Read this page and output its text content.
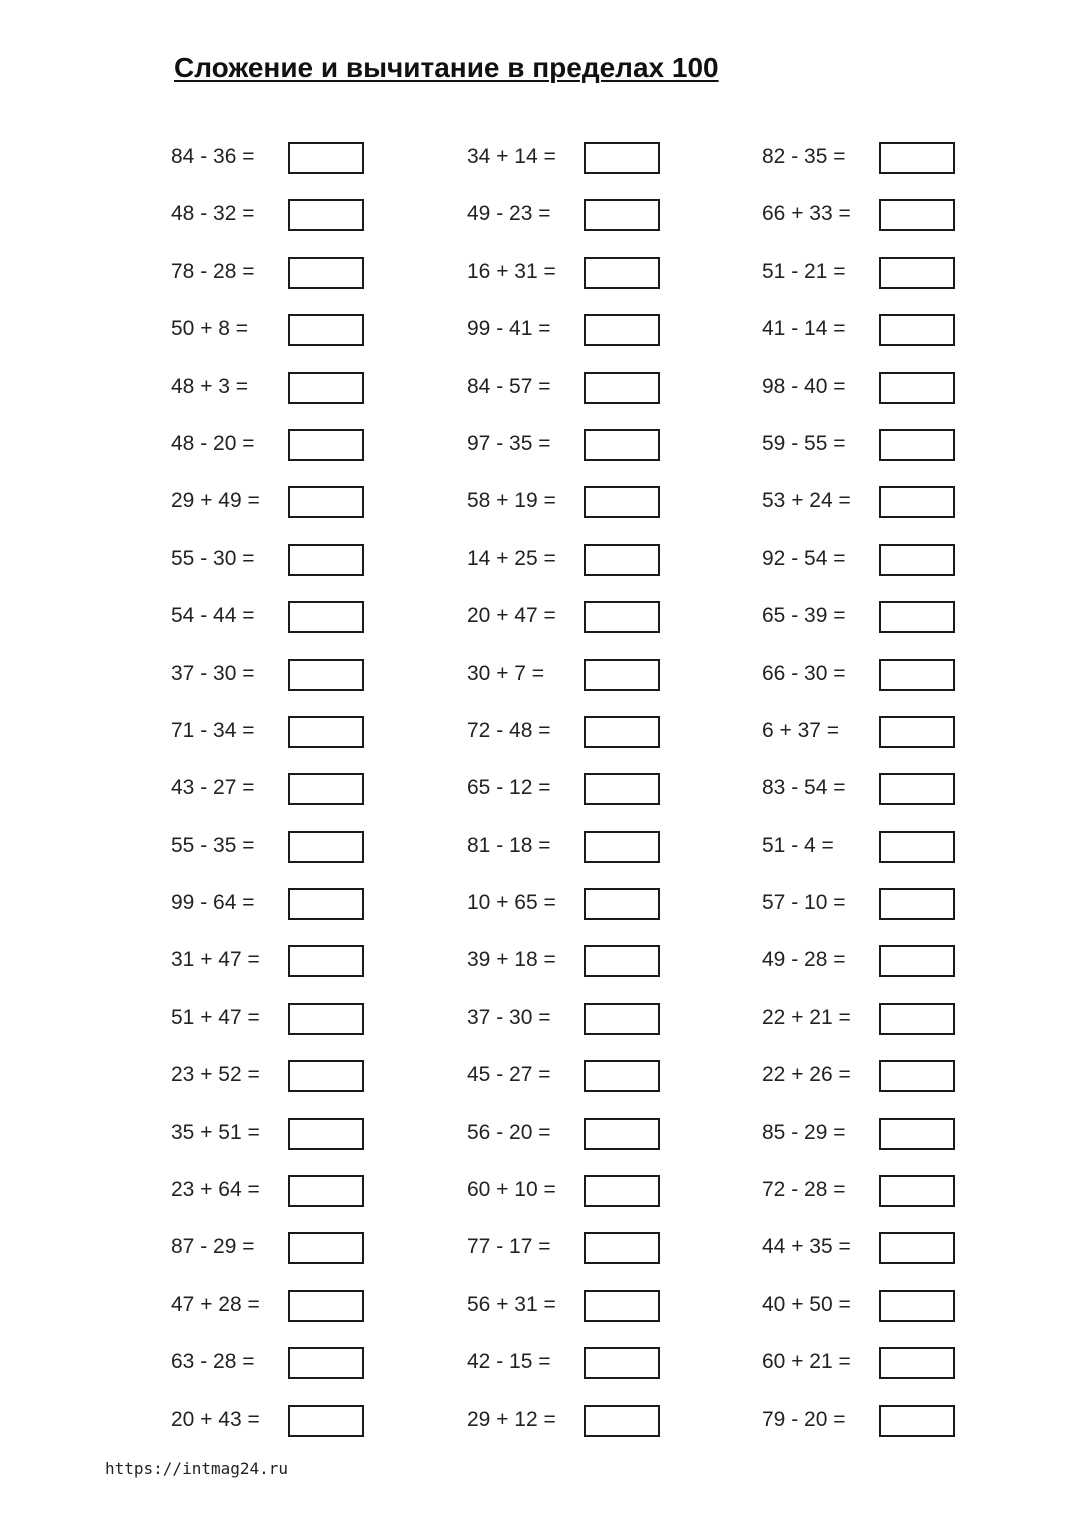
Сложение и вычитание в пределах 100
84 - 36 =	34 + 14 =	82 - 35 =
48 - 32 =	49 - 23 =	66 + 33 =
78 - 28 =	16 + 31 =	51 - 21 =
50 + 8 =	99 - 41 =	41 - 14 =
48 + 3 =	84 - 57 =	98 - 40 =
48 - 20 =	97 - 35 =	59 - 55 =
29 + 49 =	58 + 19 =	53 + 24 =
55 - 30 =	14 + 25 =	92 - 54 =
54 - 44 =	20 + 47 =	65 - 39 =
37 - 30 =	30 + 7 =	66 - 30 =
71 - 34 =	72 - 48 =	6 + 37 =
43 - 27 =	65 - 12 =	83 - 54 =
55 - 35 =	81 - 18 =	51 - 4 =
99 - 64 =	10 + 65 =	57 - 10 =
31 + 47 =	39 + 18 =	49 - 28 =
51 + 47 =	37 - 30 =	22 + 21 =
23 + 52 =	45 - 27 =	22 + 26 =
35 + 51 =	56 - 20 =	85 - 29 =
23 + 64 =	60 + 10 =	72 - 28 =
87 - 29 =	77 - 17 =	44 + 35 =
47 + 28 =	56 + 31 =	40 + 50 =
63 - 28 =	42 - 15 =	60 + 21 =
20 + 43 =	29 + 12 =	79 - 20 =
https://intmag24.ru
